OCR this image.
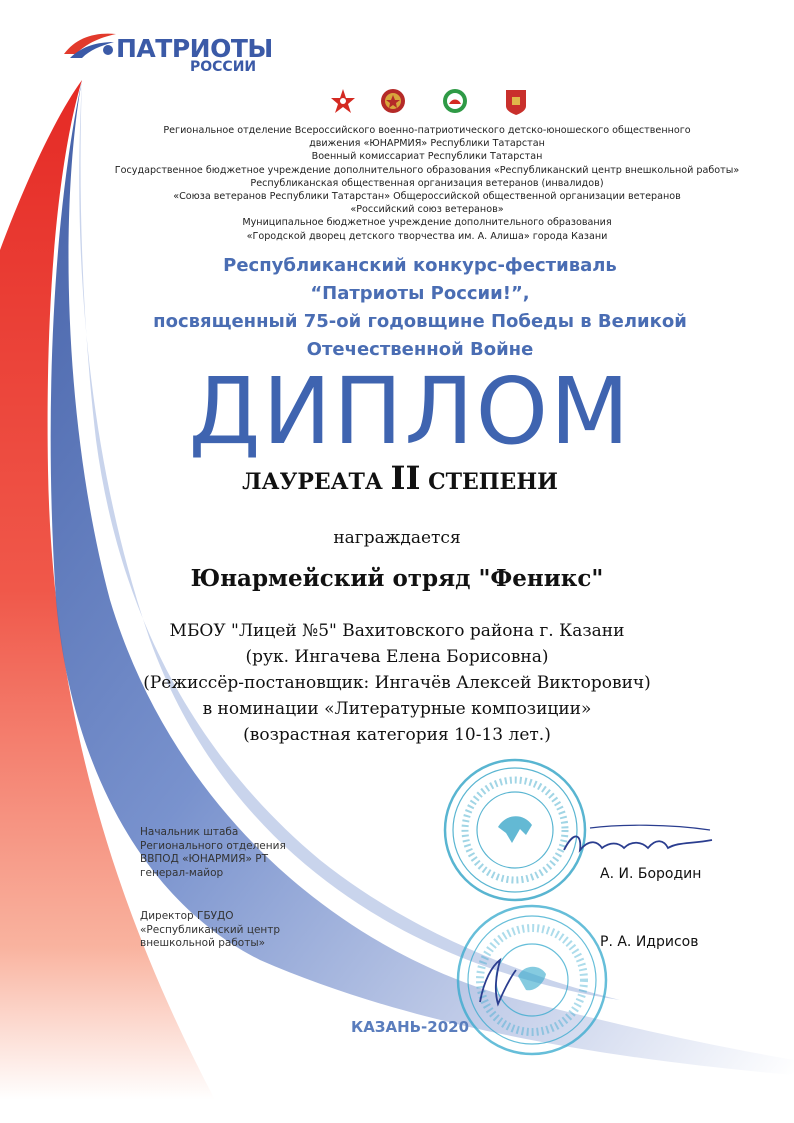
ПАТРИОТЫ
РОССИИ
Региональное отделение Всероссийского военно-патриотического детско-юношеского общественного
движения «ЮНАРМИЯ» Республики Татарстан
Военный комиссариат Республики Татарстан
Государственное бюджетное учреждение дополнительного образования «Республиканский центр внешкольной работы»
Республиканская общественная организация ветеранов (инвалидов)
«Союза ветеранов Республики Татарстан» Общероссийской общественной организации ветеранов
«Российский союз ветеранов»
Муниципальное бюджетное учреждение дополнительного образования
«Городской дворец детского творчества им. А. Алиша» города Казани
Республиканский конкурс-фестиваль
“Патриоты России!”,
посвященный 75-ой годовщине Победы в Великой
Отечественной Войне
ДИПЛОМ
ЛАУРЕАТА II СТЕПЕНИ
награждается
Юнармейский отряд "Феникс"
МБОУ "Лицей №5" Вахитовского района г. Казани
(рук. Ингачева Елена Борисовна)
(Режиссёр-постановщик: Ингачёв Алексей Викторович)
в номинации «Литературные композиции»
(возрастная категория 10-13 лет.)
Начальник штаба
Регионального отделения
ВВПОД «ЮНАРМИЯ» РТ
генерал-майор	А. И. Бородин
Директор ГБУДО
«Республиканский центр
внешкольной работы»	Р. А. Идрисов
КАЗАНЬ-2020
